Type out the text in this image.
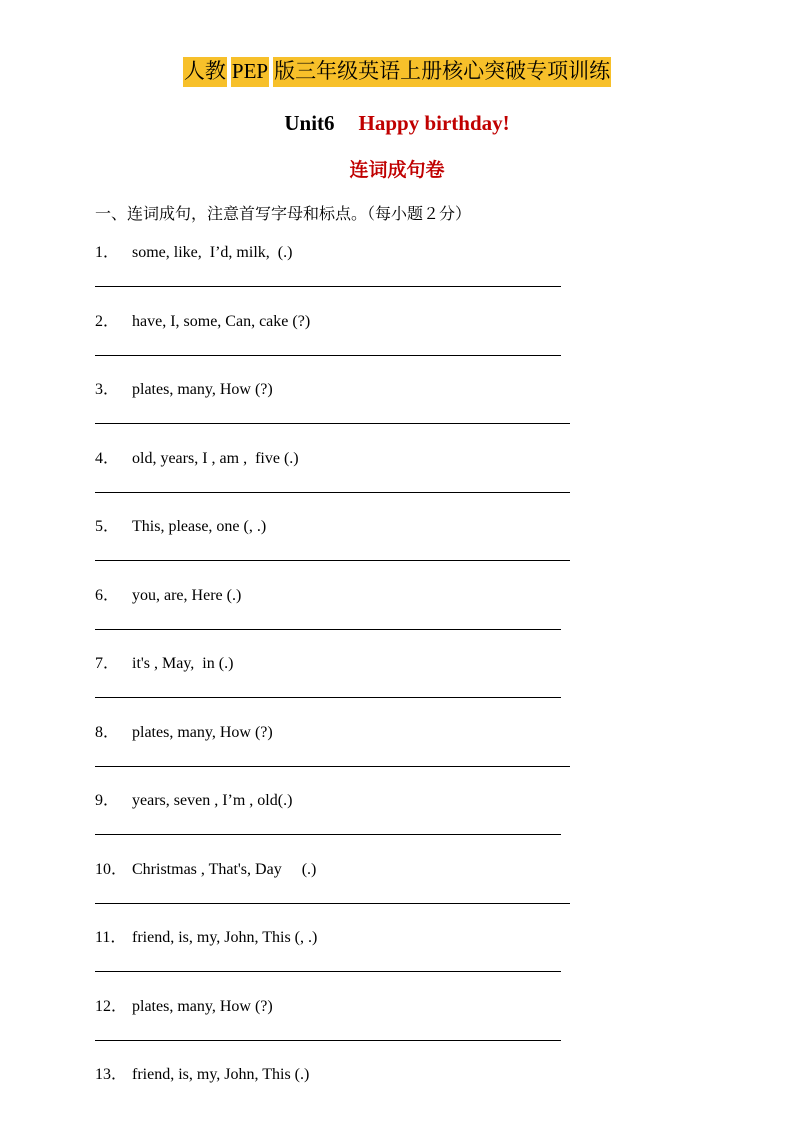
人教 PEP 版三年级英语上册核心突破专项训练
Unit6 Happy birthday!
连词成句卷
一、连词成句，注意首写字母和标点。（每小题２分）
1． some, like,  I’d, milk,  (.)
2． have, I, some, Can, cake (?)
3． plates, many, How (?)
4． old, years, I , am ,  five (.)
5． This, please, one (, .)
6． you, are, Here (.)
7． it's , May,  in (.)
8． plates, many, How (?)
9． years, seven , I’m , old(.)
10． Christmas , That's, Day     (.)
11． friend, is, my, John, This (, .)
12． plates, many, How (?)
13． friend, is, my, John, This (.)
